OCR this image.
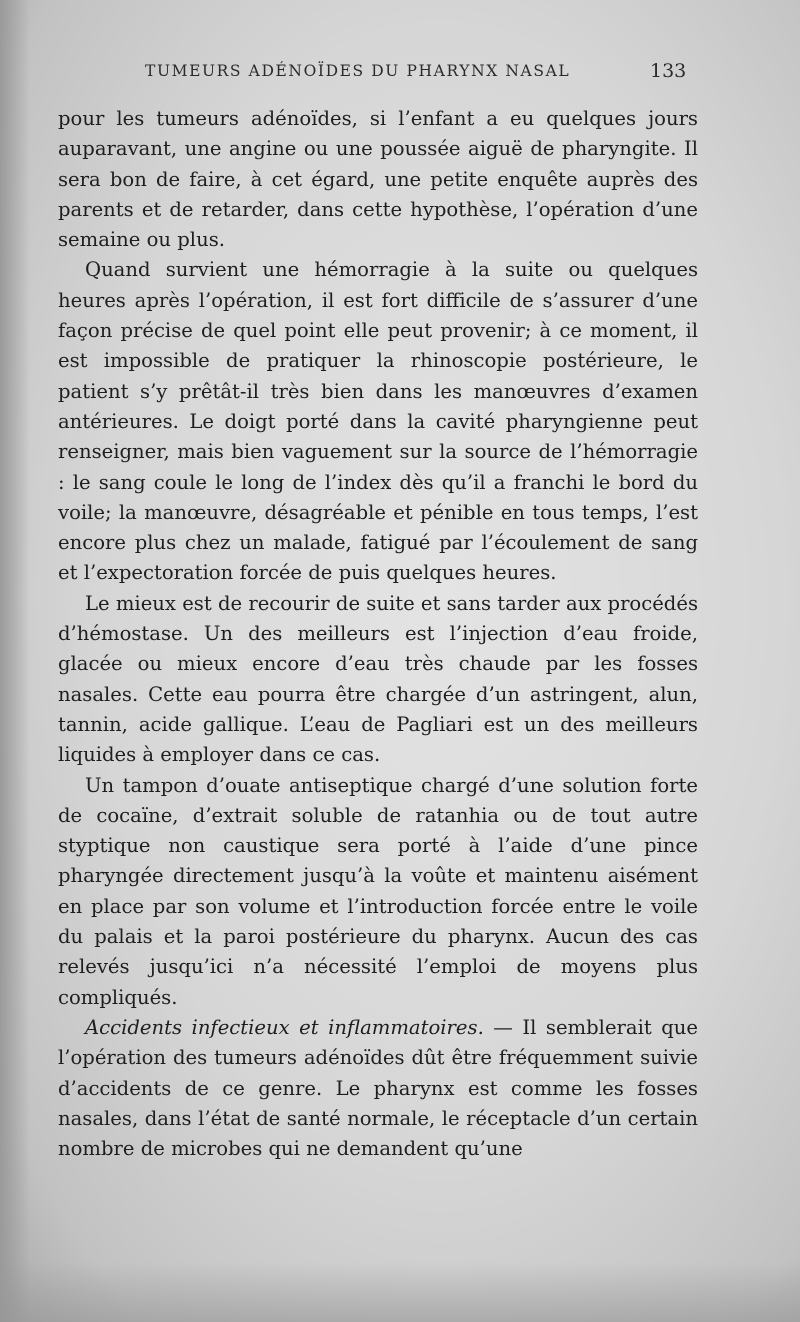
TUMEURS ADÉNOÏDES DU PHARYNX NASAL	133

pour les tumeurs adénoïdes, si l’enfant a eu quelques jours auparavant, une angine ou une poussée aiguë de pharyngite. Il sera bon de faire, à cet égard, une petite enquête auprès des parents et de retarder, dans cette hypothèse, l’opération d’une semaine ou plus.

Quand survient une hémorragie à la suite ou quelques heures après l’opération, il est fort difficile de s’assurer d’une façon précise de quel point elle peut provenir; à ce moment, il est impossible de pratiquer la rhinoscopie postérieure, le patient s’y prêtât-il très bien dans les manœuvres d’examen antérieures. Le doigt porté dans la cavité pharyngienne peut renseigner, mais bien vaguement sur la source de l’hémorragie : le sang coule le long de l’index dès qu’il a franchi le bord du voile; la manœuvre, désagréable et pénible en tous temps, l’est encore plus chez un malade, fatigué par l’écoulement de sang et l’expectoration forcée de puis quelques heures.

Le mieux est de recourir de suite et sans tarder aux procédés d’hémostase. Un des meilleurs est l’injection d’eau froide, glacée ou mieux encore d’eau très chaude par les fosses nasales. Cette eau pourra être chargée d’un astringent, alun, tannin, acide gallique. L’eau de Pagliari est un des meilleurs liquides à employer dans ce cas.

Un tampon d’ouate antiseptique chargé d’une solution forte de cocaïne, d’extrait soluble de ratanhia ou de tout autre styptique non caustique sera porté à l’aide d’une pince pharyngée directement jusqu’à la voûte et maintenu aisément en place par son volume et l’introduction forcée entre le voile du palais et la paroi postérieure du pharynx. Aucun des cas relevés jusqu’ici n’a nécessité l’emploi de moyens plus compliqués.

Accidents infectieux et inflammatoires. — Il semblerait que l’opération des tumeurs adénoïdes dût être fréquemment suivie d’accidents de ce genre. Le pharynx est comme les fosses nasales, dans l’état de santé normale, le réceptacle d’un certain nombre de microbes qui ne demandent qu’une
